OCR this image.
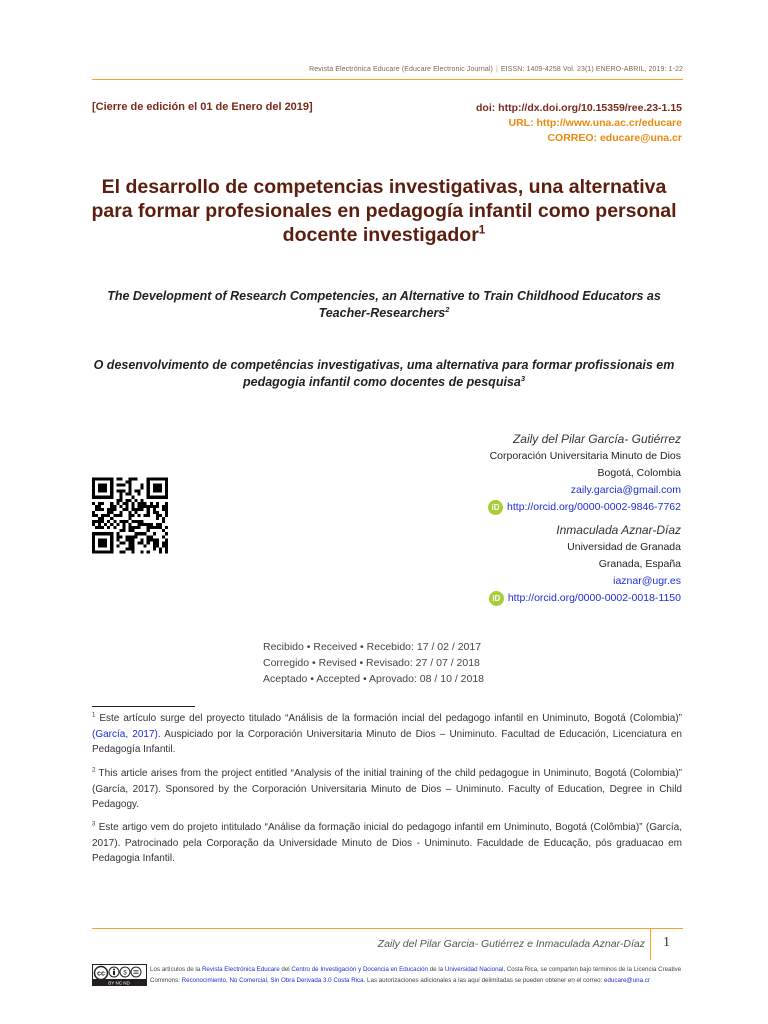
Revista Electrónica Educare (Educare Electronic Journal) | EISSN: 1409-4258 Vol. 23(1) ENERO-ABRIL, 2019: 1-22
[Cierre de edición el 01 de Enero del 2019]	doi: http://dx.doi.org/10.15359/ree.23-1.15
URL: http://www.una.ac.cr/educare
CORREO: educare@una.cr
El desarrollo de competencias investigativas, una alternativa para formar profesionales en pedagogía infantil como personal docente investigador$^1$
The Development of Research Competencies, an Alternative to Train Childhood Educators as Teacher-Researchers$^2$
O desenvolvimento de competências investigativas, uma alternativa para formar profissionais em pedagogia infantil como docentes de pesquisa$^3$
Zaily del Pilar García- Gutiérrez
Corporación Universitaria Minuto de Dios
Bogotá, Colombia
zaily.garcia@gmail.com
iD http://orcid.org/0000-0002-9846-7762
Inmaculada Aznar-Díaz
Universidad de Granada
Granada, España
iaznar@ugr.es
iD http://orcid.org/0000-0002-0018-1150
Recibido • Received • Recebido: 17 / 02 / 2017
Corregido • Revised • Revisado: 27 / 07 / 2018
Aceptado • Accepted • Aprovado: 08 / 10 / 2018
$^1$ Este artículo surge del proyecto titulado “Análisis de la formación incial del pedagogo infantil en Uniminuto, Bogotá (Colombia)” (García, 2017). Auspiciado por la Corporación Universitaria Minuto de Dios – Uniminuto. Facultad de Educación, Licenciatura en Pedagogía Infantil.
$^2$ This article arises from the project entitled “Analysis of the initial training of the child pedagogue in Uniminuto, Bogotá (Colombia)” (García, 2017). Sponsored by the Corporación Universitaria Minuto de Dios – Uniminuto. Faculty of Education, Degree in Child Pedagogy.
$^3$ Este artigo vem do projeto intitulado “Análise da formação inicial do pedagogo infantil em Uniminuto, Bogotá (Colômbia)” (García, 2017). Patrocinado pela Corporação da Universidade Minuto de Dios - Uniminuto. Faculdade de Educação, pós graduacao em Pedagogia Infantil.
Zaily del Pilar Garcia- Gutiérrez e Inmaculada Aznar-Díaz 1
cc	$
BY NC ND
Los artículos de la Revista Electrónica Educare del Centro de Investigación y Docencia en Educación de la Universidad Nacional, Costa Rica, se comparten bajo términos de la Licencia Creative Commons: Reconocimiento, No Comercial, Sin Obra Derivada 3.0 Costa Rica. Las autorizaciones adicionales a las aquí delimitadas se pueden obtener en el correo: educare@una.cr
